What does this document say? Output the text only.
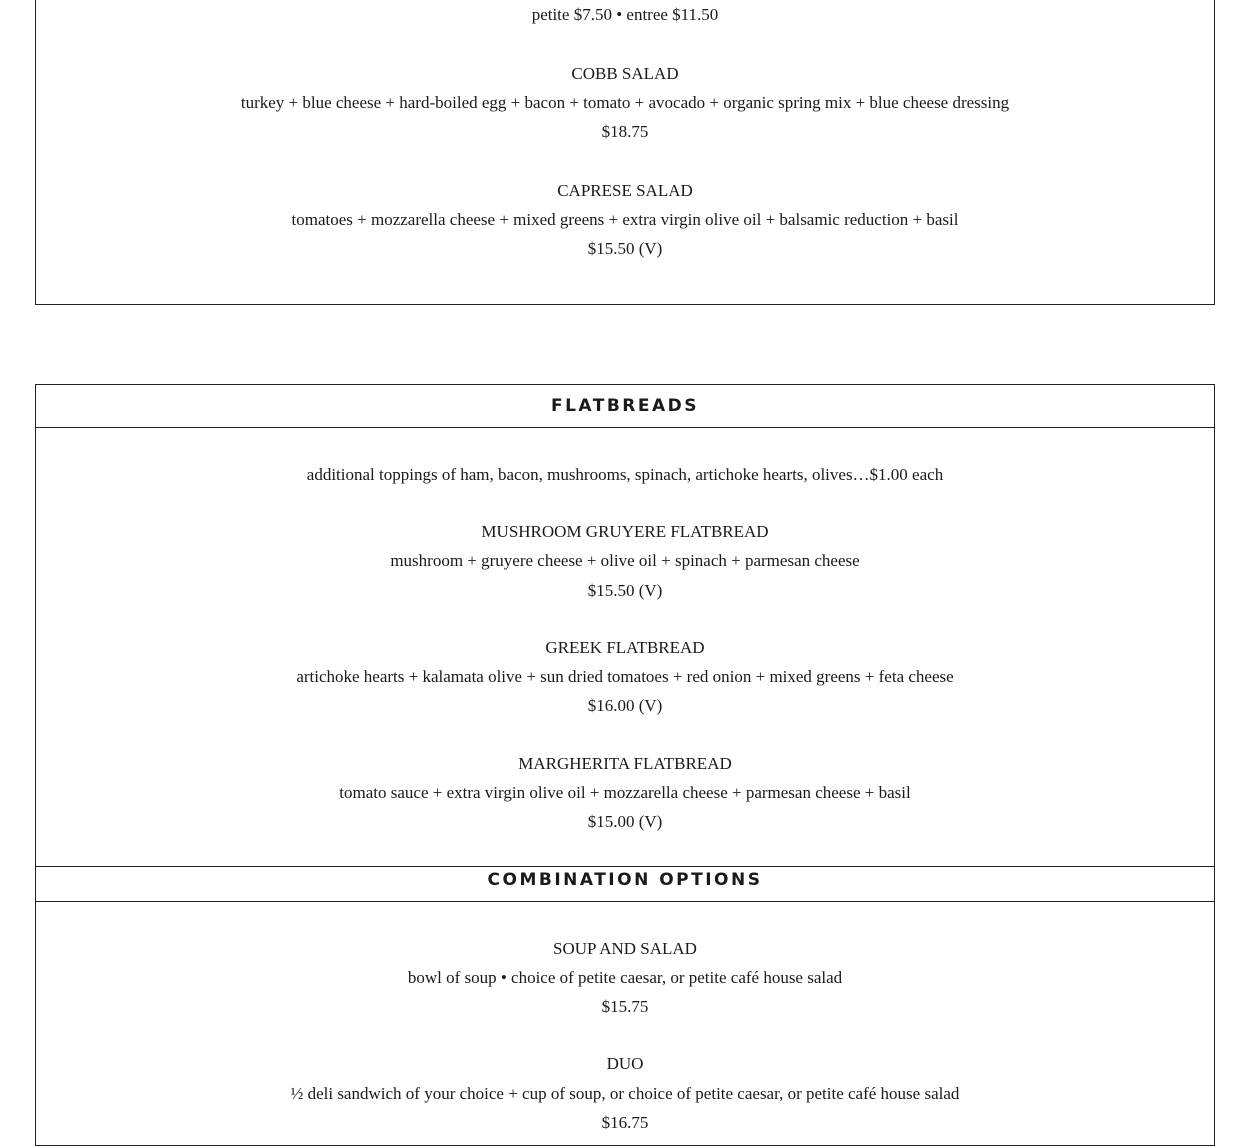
petite $7.50 • entree $11.50
COBB SALAD
turkey + blue cheese + hard-boiled egg + bacon + tomato + avocado + organic spring mix + blue cheese dressing
$18.75
CAPRESE SALAD
tomatoes + mozzarella cheese + mixed greens + extra virgin olive oil + balsamic reduction + basil
$15.50 (V)
FLATBREADS
additional toppings of ham, bacon, mushrooms, spinach, artichoke hearts, olives…$1.00 each
MUSHROOM GRUYERE FLATBREAD
mushroom + gruyere cheese + olive oil + spinach + parmesan cheese
$15.50 (V)
GREEK FLATBREAD
artichoke hearts + kalamata olive + sun dried tomatoes + red onion + mixed greens + feta cheese
$16.00 (V)
MARGHERITA FLATBREAD
tomato sauce + extra virgin olive oil + mozzarella cheese + parmesan cheese + basil
$15.00 (V)
COMBINATION OPTIONS
SOUP AND SALAD
bowl of soup • choice of petite caesar, or petite café house salad
$15.75
DUO
½ deli sandwich of your choice + cup of soup, or choice of petite caesar, or petite café house salad
$16.75
